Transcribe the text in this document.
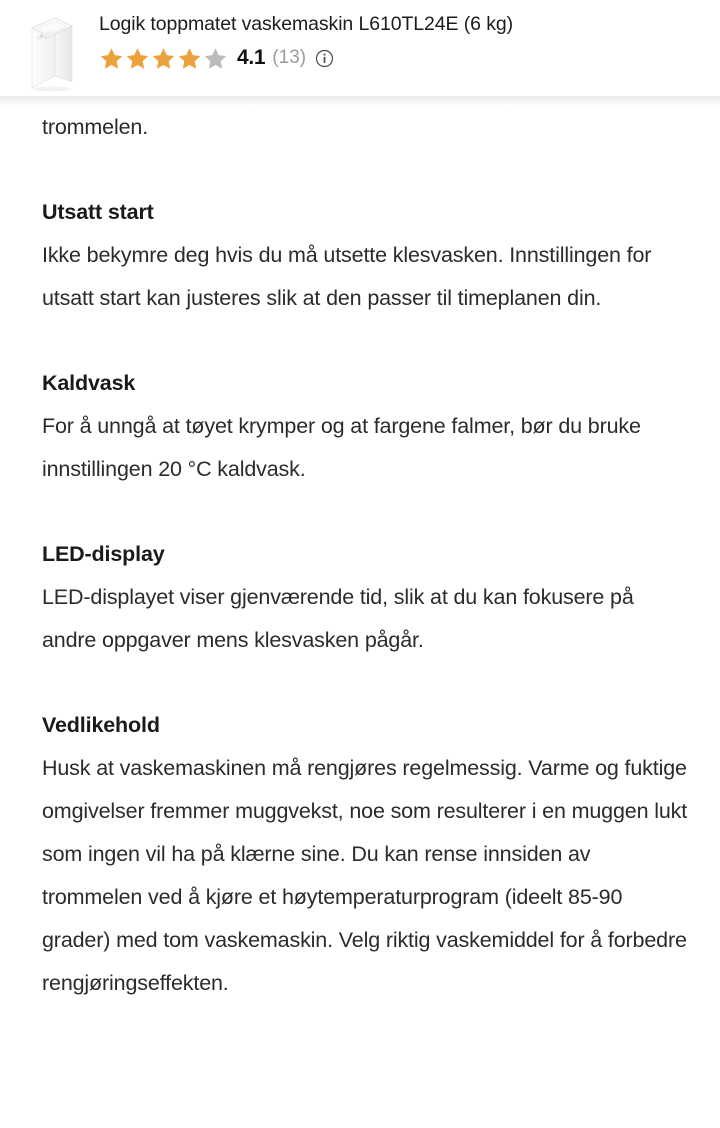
Logik toppmatet vaskemaskin L610TL24E (6 kg)
4.1 (13)

trommelen.

Utsatt start

Ikke bekymre deg hvis du må utsette klesvasken. Innstillingen for utsatt start kan justeres slik at den passer til timeplanen din.

Kaldvask

For å unngå at tøyet krymper og at fargene falmer, bør du bruke innstillingen 20 °C kaldvask.

LED-display

LED-displayet viser gjenværende tid, slik at du kan fokusere på andre oppgaver mens klesvasken pågår.

Vedlikehold

Husk at vaskemaskinen må rengjøres regelmessig. Varme og fuktige omgivelser fremmer muggvekst, noe som resulterer i en muggen lukt som ingen vil ha på klærne sine. Du kan rense innsiden av trommelen ved å kjøre et høytemperaturprogram (ideelt 85-90 grader) med tom vaskemaskin. Velg riktig vaskemiddel for å forbedre rengjøringseffekten.
